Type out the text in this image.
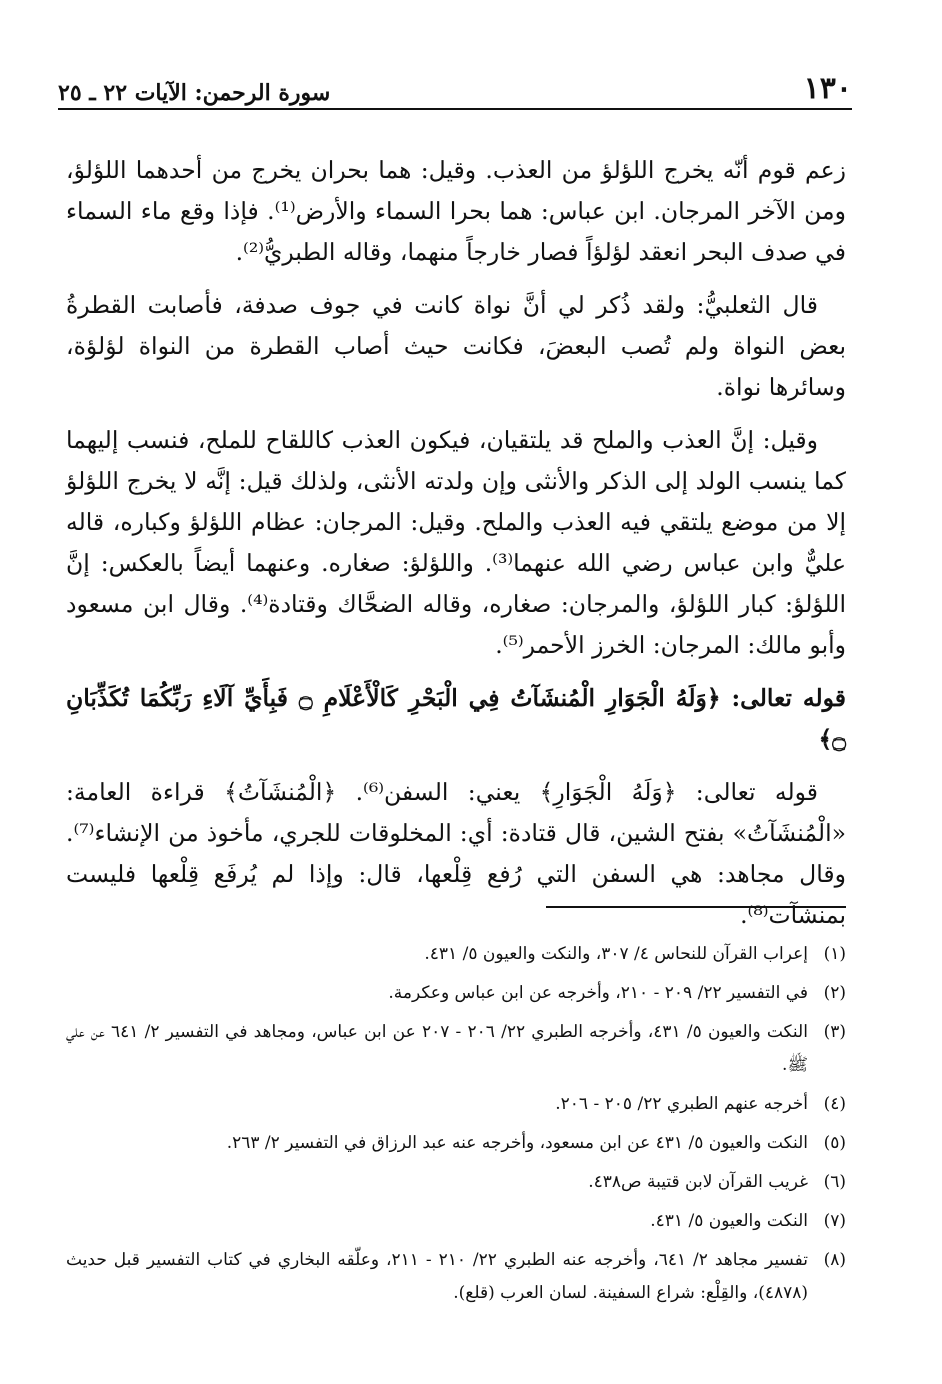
١٣٠
سورة الرحمن: الآيات ٢٢ ـ ٢٥

زعم قوم أنّه يخرج اللؤلؤ من العذب. وقيل: هما بحران يخرج من أحدهما اللؤلؤ، ومن الآخر المرجان. ابن عباس: هما بحرا السماء والأرض⁽¹⁾. فإذا وقع ماء السماء في صدف البحر انعقد لؤلؤاً فصار خارجاً منهما، وقاله الطبريُّ⁽²⁾.

قال الثعلبيُّ: ولقد ذُكر لي أنَّ نواة كانت في جوف صدفة، فأصابت القطرةُ بعض النواة ولم تُصب البعضَ، فكانت حيث أصاب القطرة من النواة لؤلؤة، وسائرها نواة.

وقيل: إنَّ العذب والملح قد يلتقيان، فيكون العذب كاللقاح للملح، فنسب إليهما كما ينسب الولد إلى الذكر والأنثى وإن ولدته الأنثى، ولذلك قيل: إنَّه لا يخرج اللؤلؤ إلا من موضع يلتقي فيه العذب والملح. وقيل: المرجان: عظام اللؤلؤ وكباره، قاله عليٌّ وابن عباس رضي الله عنهما⁽³⁾. واللؤلؤ: صغاره. وعنهما أيضاً بالعكس: إنَّ اللؤلؤ: كبار اللؤلؤ، والمرجان: صغاره، وقاله الضحَّاك وقتادة⁽⁴⁾. وقال ابن مسعود وأبو مالك: المرجان: الخرز الأحمر⁽⁵⁾.

قوله تعالى: ﴿وَلَهُ الْجَوَارِ الْمُنشَآتُ فِي الْبَحْرِ كَالْأَعْلَامِ ۝ فَبِأَيِّ آلَاءِ رَبِّكُمَا تُكَذِّبَانِ ۝﴾

قوله تعالى: ﴿وَلَهُ الْجَوَارِ﴾ يعني: السفن⁽⁶⁾. ﴿الْمُنشَآتُ﴾ قراءة العامة: «الْمُنشَآتُ» بفتح الشين، قال قتادة: أي: المخلوقات للجري، مأخوذ من الإنشاء⁽⁷⁾. وقال مجاهد: هي السفن التي رُفع قِلْعها، قال: وإذا لم يُرفَع قِلْعها فليست بمنشآت⁽⁸⁾.

(١)
إعراب القرآن للنحاس ٤/ ٣٠٧، والنكت والعيون ٥/ ٤٣١.
(٢)
في التفسير ٢٢/ ٢٠٩ - ٢١٠، وأخرجه عن ابن عباس وعكرمة.
(٣)
النكت والعيون ٥/ ٤٣١، وأخرجه الطبري ٢٢/ ٢٠٦ - ٢٠٧ عن ابن عباس، ومجاهد في التفسير ٢/ ٦٤١ عن علي ﷺ.
(٤)
أخرجه عنهم الطبري ٢٢/ ٢٠٥ - ٢٠٦.
(٥)
النكت والعيون ٥/ ٤٣١ عن ابن مسعود، وأخرجه عنه عبد الرزاق في التفسير ٢/ ٢٦٣.
(٦)
غريب القرآن لابن قتيبة ص٤٣٨.
(٧)
النكت والعيون ٥/ ٤٣١.
(٨)
تفسير مجاهد ٢/ ٦٤١، وأخرجه عنه الطبري ٢٢/ ٢١٠ - ٢١١، وعلّقه البخاري في كتاب التفسير قبل حديث (٤٨٧٨)، والقِلْع: شراع السفينة. لسان العرب (قلع).
